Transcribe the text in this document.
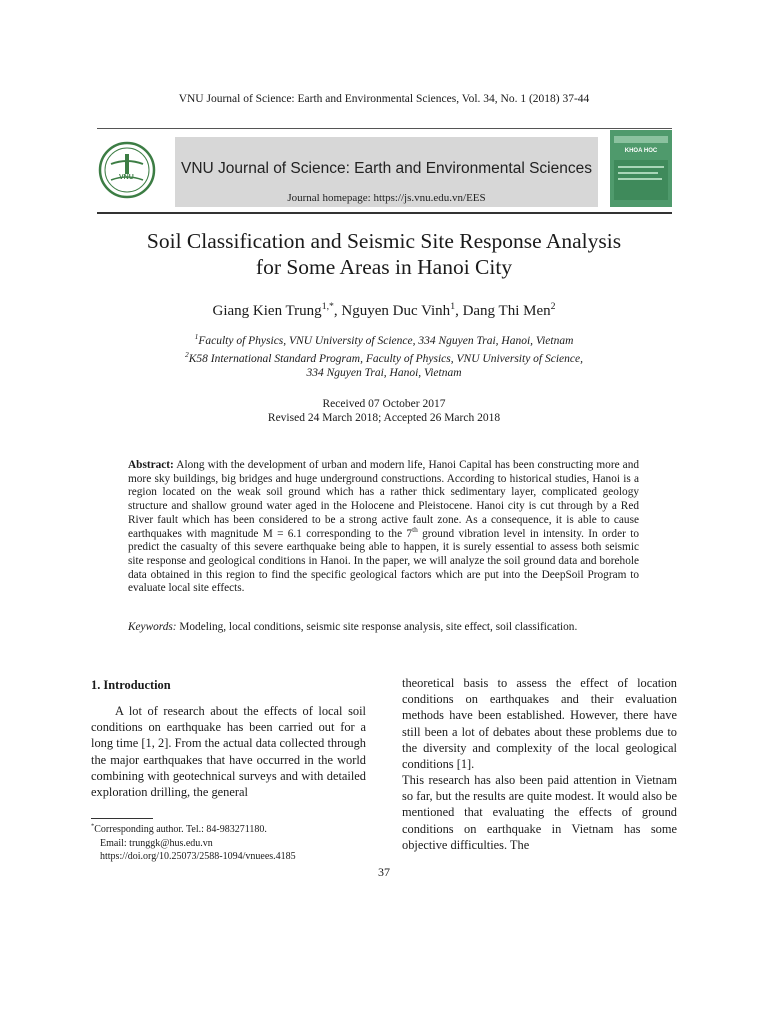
VNU Journal of Science: Earth and Environmental Sciences, Vol. 34, No. 1 (2018) 37-44
VNU
VNU Journal of Science: Earth and Environmental Sciences
Journal homepage: https://js.vnu.edu.vn/EES
KHOA HOC
Soil Classification and Seismic Site Response Analysis
for Some Areas in Hanoi City
Giang Kien Trung$^{1,*}$, Nguyen Duc Vinh$^1$, Dang Thi Men$^2$
$^1$Faculty of Physics, VNU University of Science, 334 Nguyen Trai, Hanoi, Vietnam
$^2$K58 International Standard Program, Faculty of Physics, VNU University of Science,
334 Nguyen Trai, Hanoi, Vietnam
Received 07 October 2017
Revised 24 March 2018; Accepted 26 March 2018
Abstract: Along with the development of urban and modern life, Hanoi Capital has been constructing more and more sky buildings, big bridges and huge underground constructions. According to historical studies, Hanoi is a region located on the weak soil ground which has a rather thick sedimentary layer, complicated geology structure and shallow ground water aged in the Holocene and Pleistocene. Hanoi city is cut through by a Red River fault which has been considered to be a strong active fault zone. As a consequence, it is able to cause earthquakes with magnitude M = 6.1 corresponding to the 7th ground vibration level in intensity. In order to predict the casualty of this severe earthquake being able to happen, it is surely essential to assess both seismic site response and geological conditions in Hanoi. In the paper, we will analyze the soil ground data and borehole data obtained in this region to find the specific geological factors which are put into the DeepSoil Program to evaluate local site effects.
Keywords: Modeling, local conditions, seismic site response analysis, site effect, soil classification.
1. Introduction
A lot of research about the effects of local soil conditions on earthquake has been carried out for a long time [1, 2]. From the actual data collected through the major earthquakes that have occurred in the world combining with geotechnical surveys and with detailed exploration drilling, the general
theoretical basis to assess the effect of location conditions on earthquakes and their evaluation methods have been established. However, there have still been a lot of debates about these problems due to the diversity and complexity of the local geological conditions [1].
This research has also been paid attention in Vietnam so far, but the results are quite modest. It would also be mentioned that evaluating the effects of ground conditions on earthquake in Vietnam has some objective difficulties. The
*Corresponding author. Tel.: 84-983271180.
Email: trunggk@hus.edu.vn
https://doi.org/10.25073/2588-1094/vnuees.4185
37
